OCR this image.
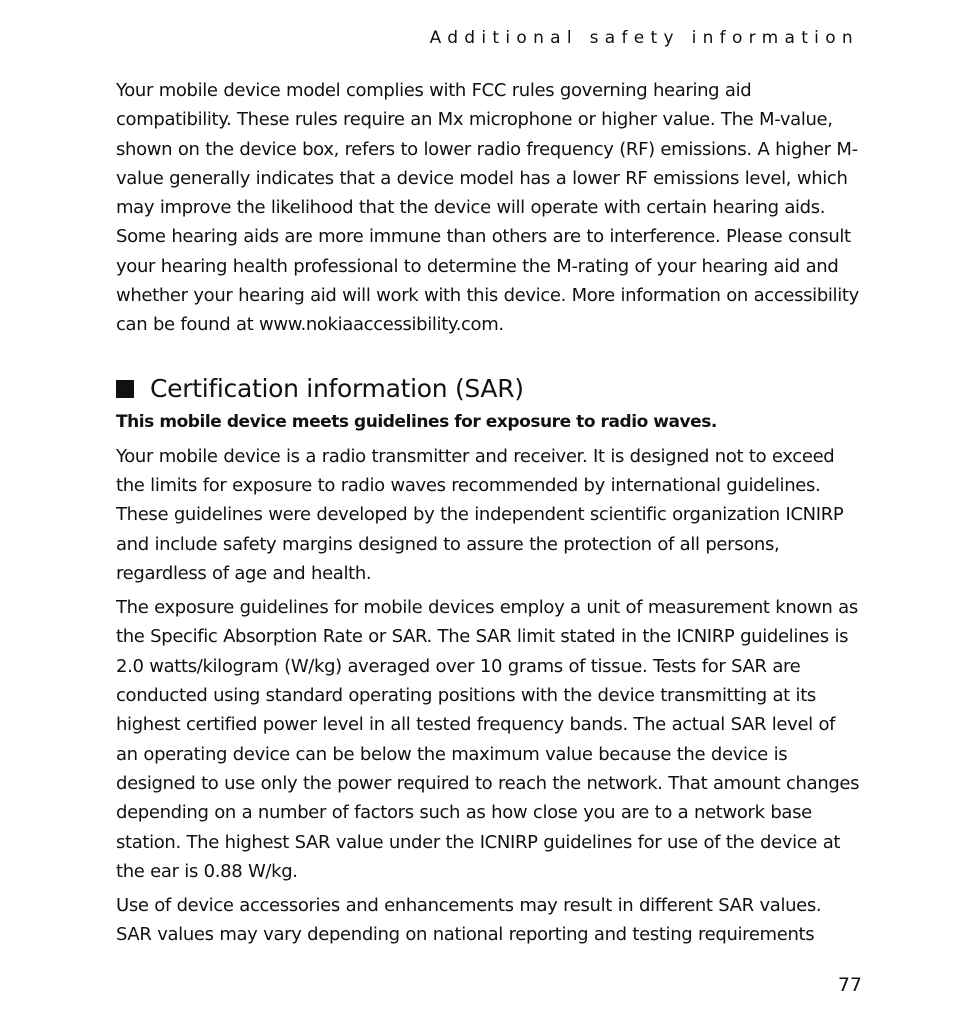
Additional safety information

Your mobile device model complies with FCC rules governing hearing aid compatibility. These rules require an Mx microphone or higher value. The M-value, shown on the device box, refers to lower radio frequency (RF) emissions. A higher M-value generally indicates that a device model has a lower RF emissions level, which may improve the likelihood that the device will operate with certain hearing aids. Some hearing aids are more immune than others are to interference. Please consult your hearing health professional to determine the M-rating of your hearing aid and whether your hearing aid will work with this device. More information on accessibility can be found at www.nokiaaccessibility.com.

Certification information (SAR)

This mobile device meets guidelines for exposure to radio waves.

Your mobile device is a radio transmitter and receiver. It is designed not to exceed the limits for exposure to radio waves recommended by international guidelines. These guidelines were developed by the independent scientific organization ICNIRP and include safety margins designed to assure the protection of all persons, regardless of age and health.

The exposure guidelines for mobile devices employ a unit of measurement known as the Specific Absorption Rate or SAR. The SAR limit stated in the ICNIRP guidelines is 2.0 watts/kilogram (W/kg) averaged over 10 grams of tissue. Tests for SAR are conducted using standard operating positions with the device transmitting at its highest certified power level in all tested frequency bands. The actual SAR level of an operating device can be below the maximum value because the device is designed to use only the power required to reach the network. That amount changes depending on a number of factors such as how close you are to a network base station. The highest SAR value under the ICNIRP guidelines for use of the device at the ear is 0.88 W/kg.

Use of device accessories and enhancements may result in different SAR values. SAR values may vary depending on national reporting and testing requirements

77
